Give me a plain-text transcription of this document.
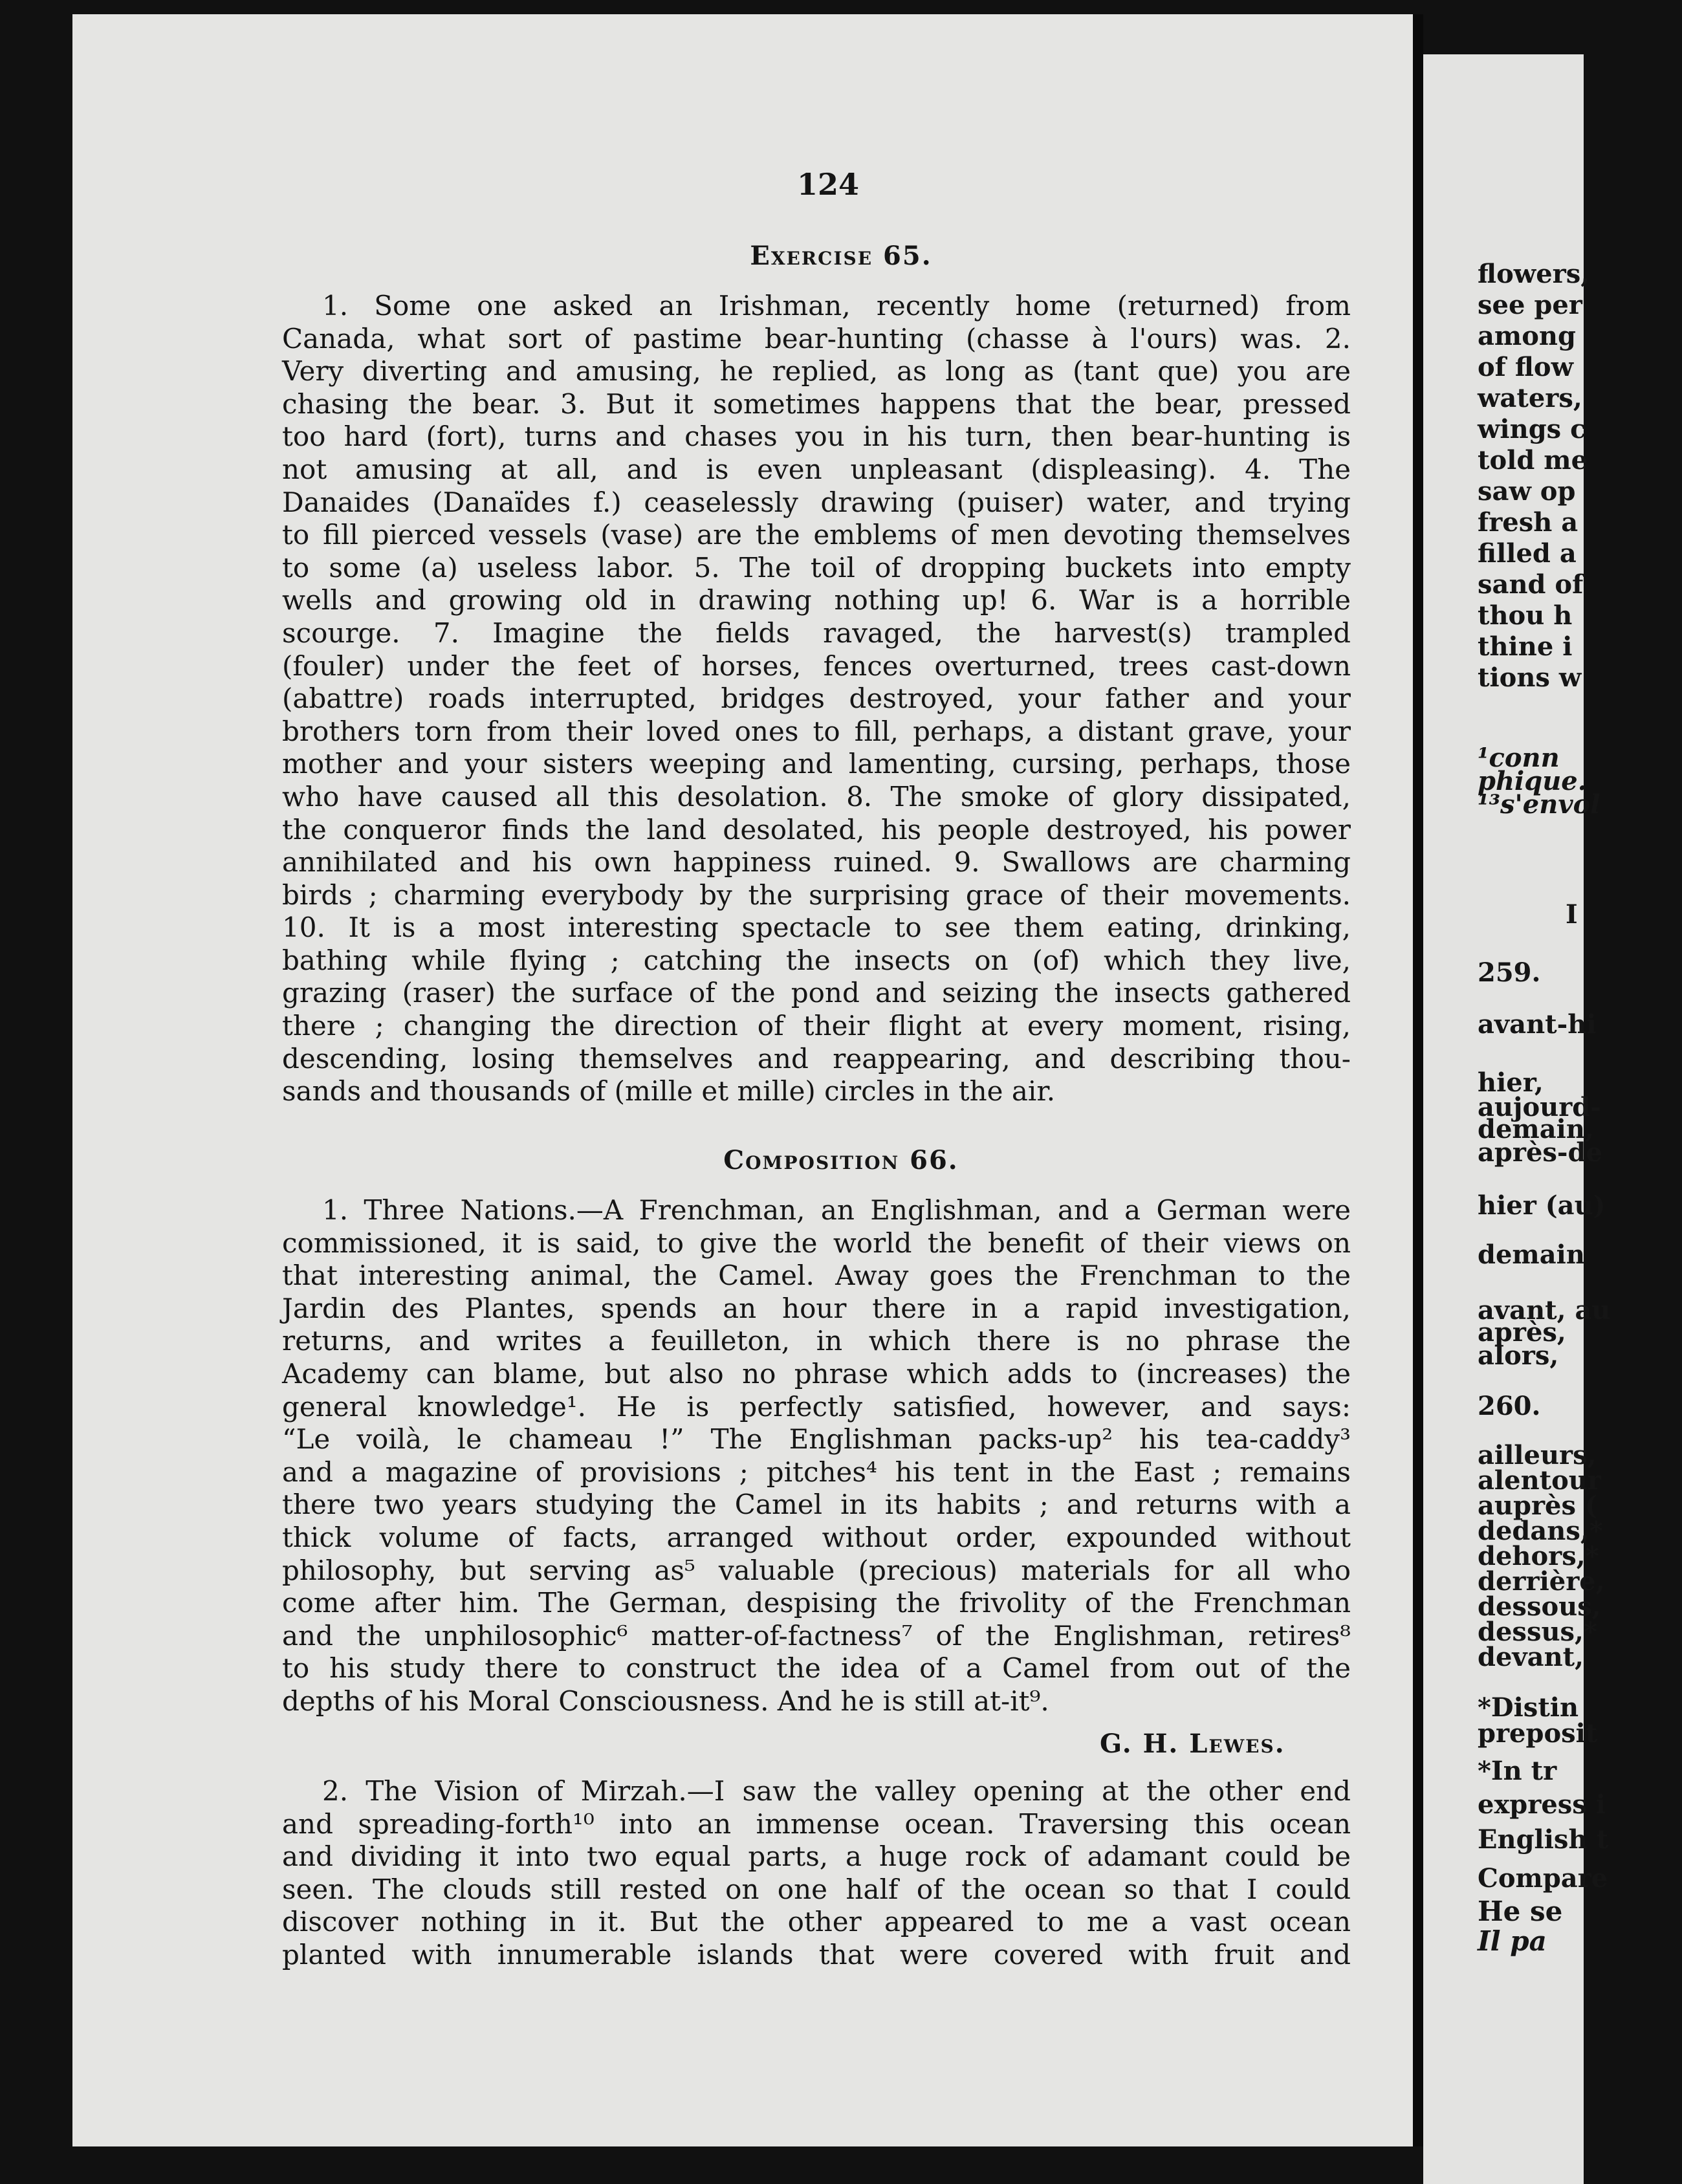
124
Exercise 65.
1. Some one asked an Irishman, recently home (returned) from
Canada, what sort of pastime bear-hunting (chasse à l'ours) was. 2.
Very diverting and amusing, he replied, as long as (tant que) you are
chasing the bear. 3. But it sometimes happens that the bear, pressed
too hard (fort), turns and chases you in his turn, then bear-hunting is
not amusing at all, and is even unpleasant (displeasing). 4. The
Danaides (Danaïdes f.) ceaselessly drawing (puiser) water, and trying
to fill pierced vessels (vase) are the emblems of men devoting themselves
to some (a) useless labor. 5. The toil of dropping buckets into empty
wells and growing old in drawing nothing up! 6. War is a horrible
scourge. 7. Imagine the fields ravaged, the harvest(s) trampled
(fouler) under the feet of horses, fences overturned, trees cast-down
(abattre) roads interrupted, bridges destroyed, your father and your
brothers torn from their loved ones to fill, perhaps, a distant grave, your
mother and your sisters weeping and lamenting, cursing, perhaps, those
who have caused all this desolation. 8. The smoke of glory dissipated,
the conqueror finds the land desolated, his people destroyed, his power
annihilated and his own happiness ruined. 9. Swallows are charming
birds ; charming everybody by the surprising grace of their movements.
10. It is a most interesting spectacle to see them eating, drinking,
bathing while flying ; catching the insects on (of) which they live,
grazing (raser) the surface of the pond and seizing the insects gathered
there ; changing the direction of their flight at every moment, rising,
descending, losing themselves and reappearing, and describing thou-
sands and thousands of (mille et mille) circles in the air.
Composition 66.
1. Three Nations.—A Frenchman, an Englishman, and a German were
commissioned, it is said, to give the world the benefit of their views on
that interesting animal, the Camel. Away goes the Frenchman to the
Jardin des Plantes, spends an hour there in a rapid investigation,
returns, and writes a feuilleton, in which there is no phrase the
Academy can blame, but also no phrase which adds to (increases) the
general knowledge¹. He is perfectly satisfied, however, and says:
“Le voilà, le chameau !” The Englishman packs-up² his tea-caddy³
and a magazine of provisions ; pitches⁴ his tent in the East ; remains
there two years studying the Camel in its habits ; and returns with a
thick volume of facts, arranged without order, expounded without
philosophy, but serving as⁵ valuable (precious) materials for all who
come after him. The German, despising the frivolity of the Frenchman
and the unphilosophic⁶ matter-of-factness⁷ of the Englishman, retires⁸
to his study there to construct the idea of a Camel from out of the
depths of his Moral Consciousness. And he is still at-it⁹.
G. H. Lewes.
2. The Vision of Mirzah.—I saw the valley opening at the other end
and spreading-forth¹⁰ into an immense ocean. Traversing this ocean
and dividing it into two equal parts, a huge rock of adamant could be
seen. The clouds still rested on one half of the ocean so that I could
discover nothing in it. But the other appeared to me a vast ocean
planted with innumerable islands that were covered with fruit and
flowers,
see per
among
of flow
waters,
wings c
told me
saw op
fresh a
filled a
sand of
thou h
thine i
tions w
¹conn
phique.
¹³s'envol
I
259.
avant-hi
hier,
aujourd-
demain,
après-de
hier (au)
demain
avant, au
après,
alors,
260.
ailleurs,
alentour
auprès (
dedans,*
dehors,*
derrière,
dessous,
dessus,*
devant,
*Distin
preposit
*In tr
express i
English t
Compare
He se
Il pa
